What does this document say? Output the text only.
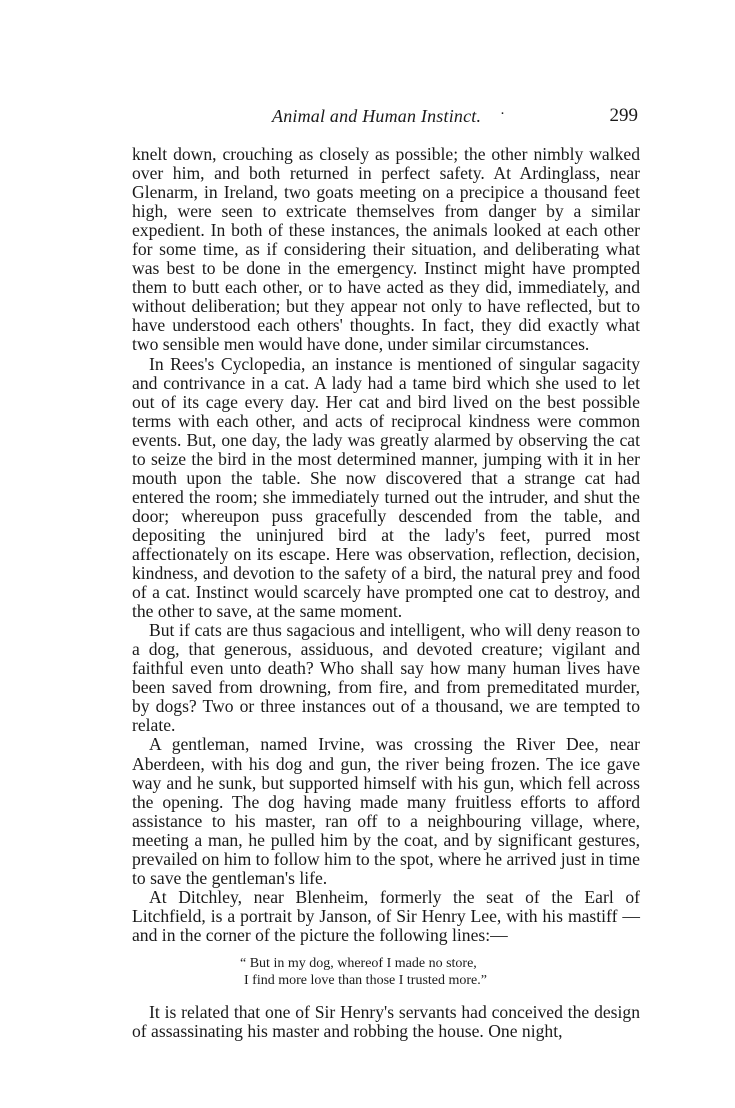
Animal and Human Instinct. ·	299

knelt down, crouching as closely as possible; the other nimbly walked over him, and both returned in perfect safety. At Ardinglass, near Glenarm, in Ireland, two goats meeting on a precipice a thousand feet high, were seen to extricate themselves from danger by a similar expedient. In both of these instances, the animals looked at each other for some time, as if considering their situation, and deliberating what was best to be done in the emergency. Instinct might have prompted them to butt each other, or to have acted as they did, immediately, and without deliberation; but they appear not only to have reflected, but to have understood each others' thoughts. In fact, they did exactly what two sensible men would have done, under similar circumstances.

In Rees's Cyclopedia, an instance is mentioned of singular sagacity and contrivance in a cat. A lady had a tame bird which she used to let out of its cage every day. Her cat and bird lived on the best possible terms with each other, and acts of reciprocal kindness were common events. But, one day, the lady was greatly alarmed by observing the cat to seize the bird in the most determined manner, jumping with it in her mouth upon the table. She now discovered that a strange cat had entered the room; she immediately turned out the intruder, and shut the door; whereupon puss gracefully descended from the table, and depositing the uninjured bird at the lady's feet, purred most affectionately on its escape. Here was observation, reflection, decision, kindness, and devotion to the safety of a bird, the natural prey and food of a cat. Instinct would scarcely have prompted one cat to destroy, and the other to save, at the same moment.

But if cats are thus sagacious and intelligent, who will deny reason to a dog, that generous, assiduous, and devoted creature; vigilant and faithful even unto death? Who shall say how many human lives have been saved from drowning, from fire, and from premeditated murder, by dogs? Two or three instances out of a thousand, we are tempted to relate.

A gentleman, named Irvine, was crossing the River Dee, near Aberdeen, with his dog and gun, the river being frozen. The ice gave way and he sunk, but supported himself with his gun, which fell across the opening. The dog having made many fruitless efforts to afford assistance to his master, ran off to a neighbouring village, where, meeting a man, he pulled him by the coat, and by significant gestures, prevailed on him to follow him to the spot, where he arrived just in time to save the gentleman's life.

At Ditchley, near Blenheim, formerly the seat of the Earl of Litchfield, is a portrait by Janson, of Sir Henry Lee, with his mastiff —and in the corner of the picture the following lines:—

“ But in my dog, whereof I made no store,
I find more love than those I trusted more.”

It is related that one of Sir Henry's servants had conceived the design of assassinating his master and robbing the house. One night,
